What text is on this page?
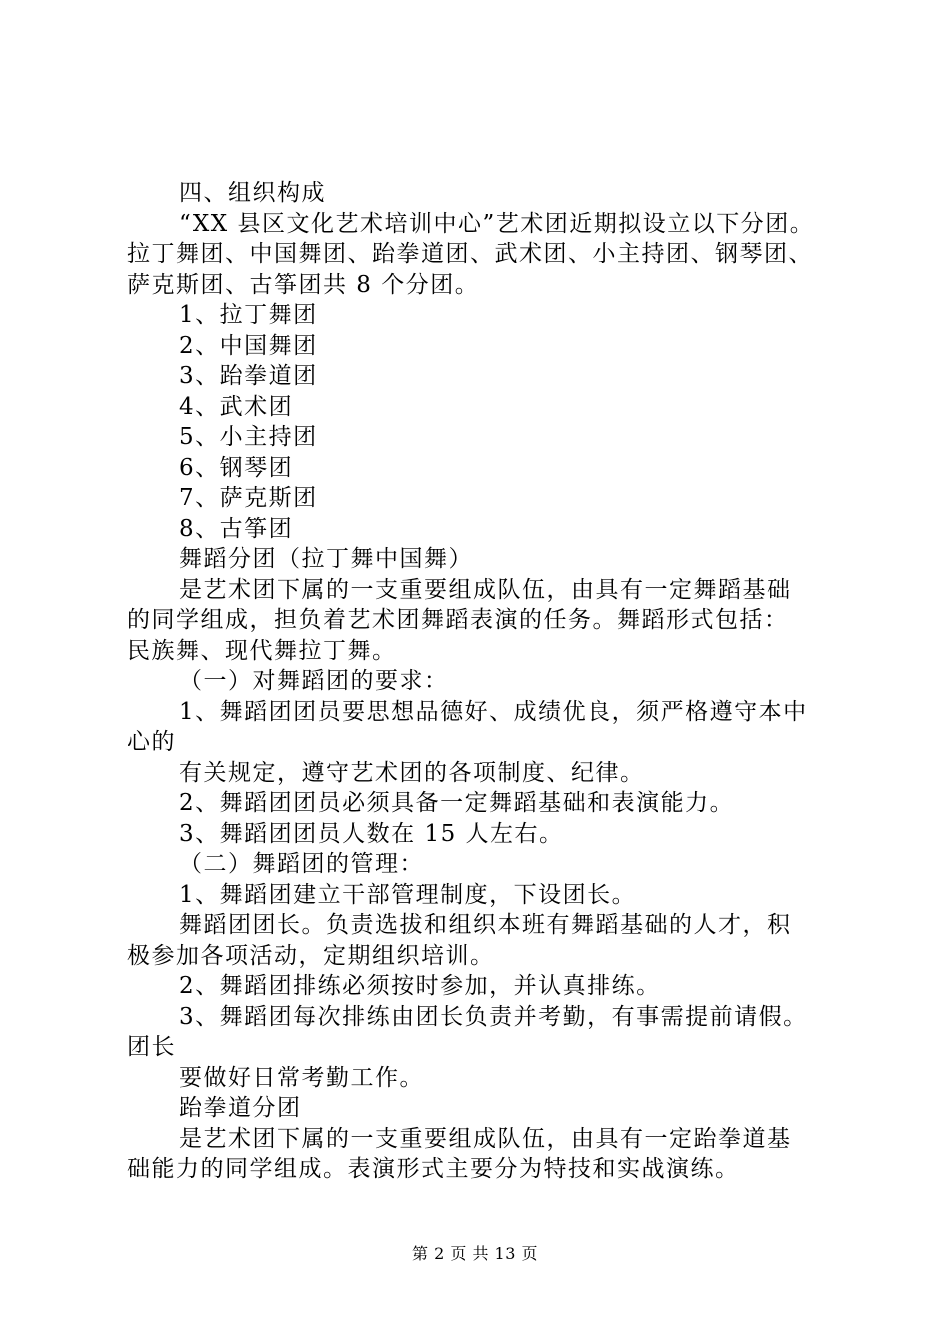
四、组织构成
“XX 县区文化艺术培训中心”艺术团近期拟设立以下分团。
拉丁舞团、中国舞团、跆拳道团、武术团、小主持团、钢琴团、
萨克斯团、古筝团共 8 个分团。
1、拉丁舞团
2、中国舞团
3、跆拳道团
4、武术团
5、小主持团
6、钢琴团
7、萨克斯团
8、古筝团
舞蹈分团（拉丁舞中国舞）
是艺术团下属的一支重要组成队伍，由具有一定舞蹈基础
的同学组成，担负着艺术团舞蹈表演的任务。舞蹈形式包括：
民族舞、现代舞拉丁舞。
（一）对舞蹈团的要求：
1、舞蹈团团员要思想品德好、成绩优良，须严格遵守本中
心的
有关规定，遵守艺术团的各项制度、纪律。
2、舞蹈团团员必须具备一定舞蹈基础和表演能力。
3、舞蹈团团员人数在 15 人左右。
（二）舞蹈团的管理：
1、舞蹈团建立干部管理制度，下设团长。
舞蹈团团长。负责选拔和组织本班有舞蹈基础的人才，积
极参加各项活动，定期组织培训。
2、舞蹈团排练必须按时参加，并认真排练。
3、舞蹈团每次排练由团长负责并考勤，有事需提前请假。
团长
要做好日常考勤工作。
跆拳道分团
是艺术团下属的一支重要组成队伍，由具有一定跆拳道基
础能力的同学组成。表演形式主要分为特技和实战演练。
第 2 页 共 13 页
